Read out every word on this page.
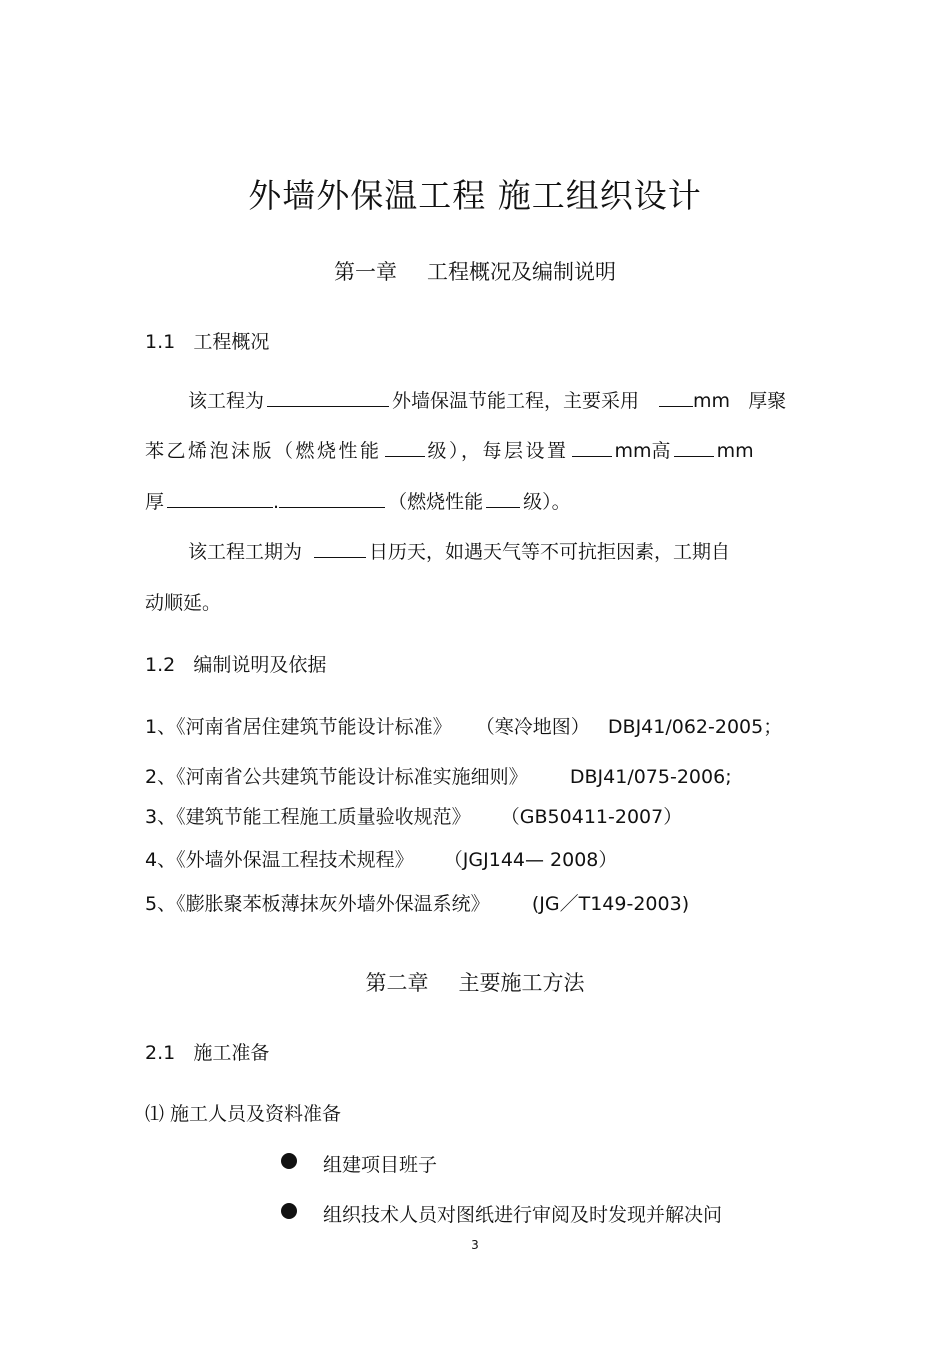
外墙外保温工程 施工组织设计
第一章 工程概况及编制说明
1.1 工程概况
该工程为	外墙保温节能工程，主要采用	mm 厚聚
苯乙烯泡沫版（燃烧性能 级），每层设置 mm高 mm
厚	.	（燃烧性能 级）。
该工程工期为	日历天，如遇天气等不可抗拒因素，工期自
动顺延。
1.2 编制说明及依据
1、《河南省居住建筑节能设计标准》 （寒冷地图） DBJ41/062-2005；
2、《河南省公共建筑节能设计标准实施细则》 DBJ41/075-2006;
3、《建筑节能工程施工质量验收规范》 （GB50411-2007）
4、《外墙外保温工程技术规程》 （JGJ144— 2008）
5、《膨胀聚苯板薄抹灰外墙外保温系统》 (JG／T149-2003)
第二章 主要施工方法
2.1 施工准备
⑴ 施工人员及资料准备
组建项目班子
组织技术人员对图纸进行审阅及时发现并解决问
3
